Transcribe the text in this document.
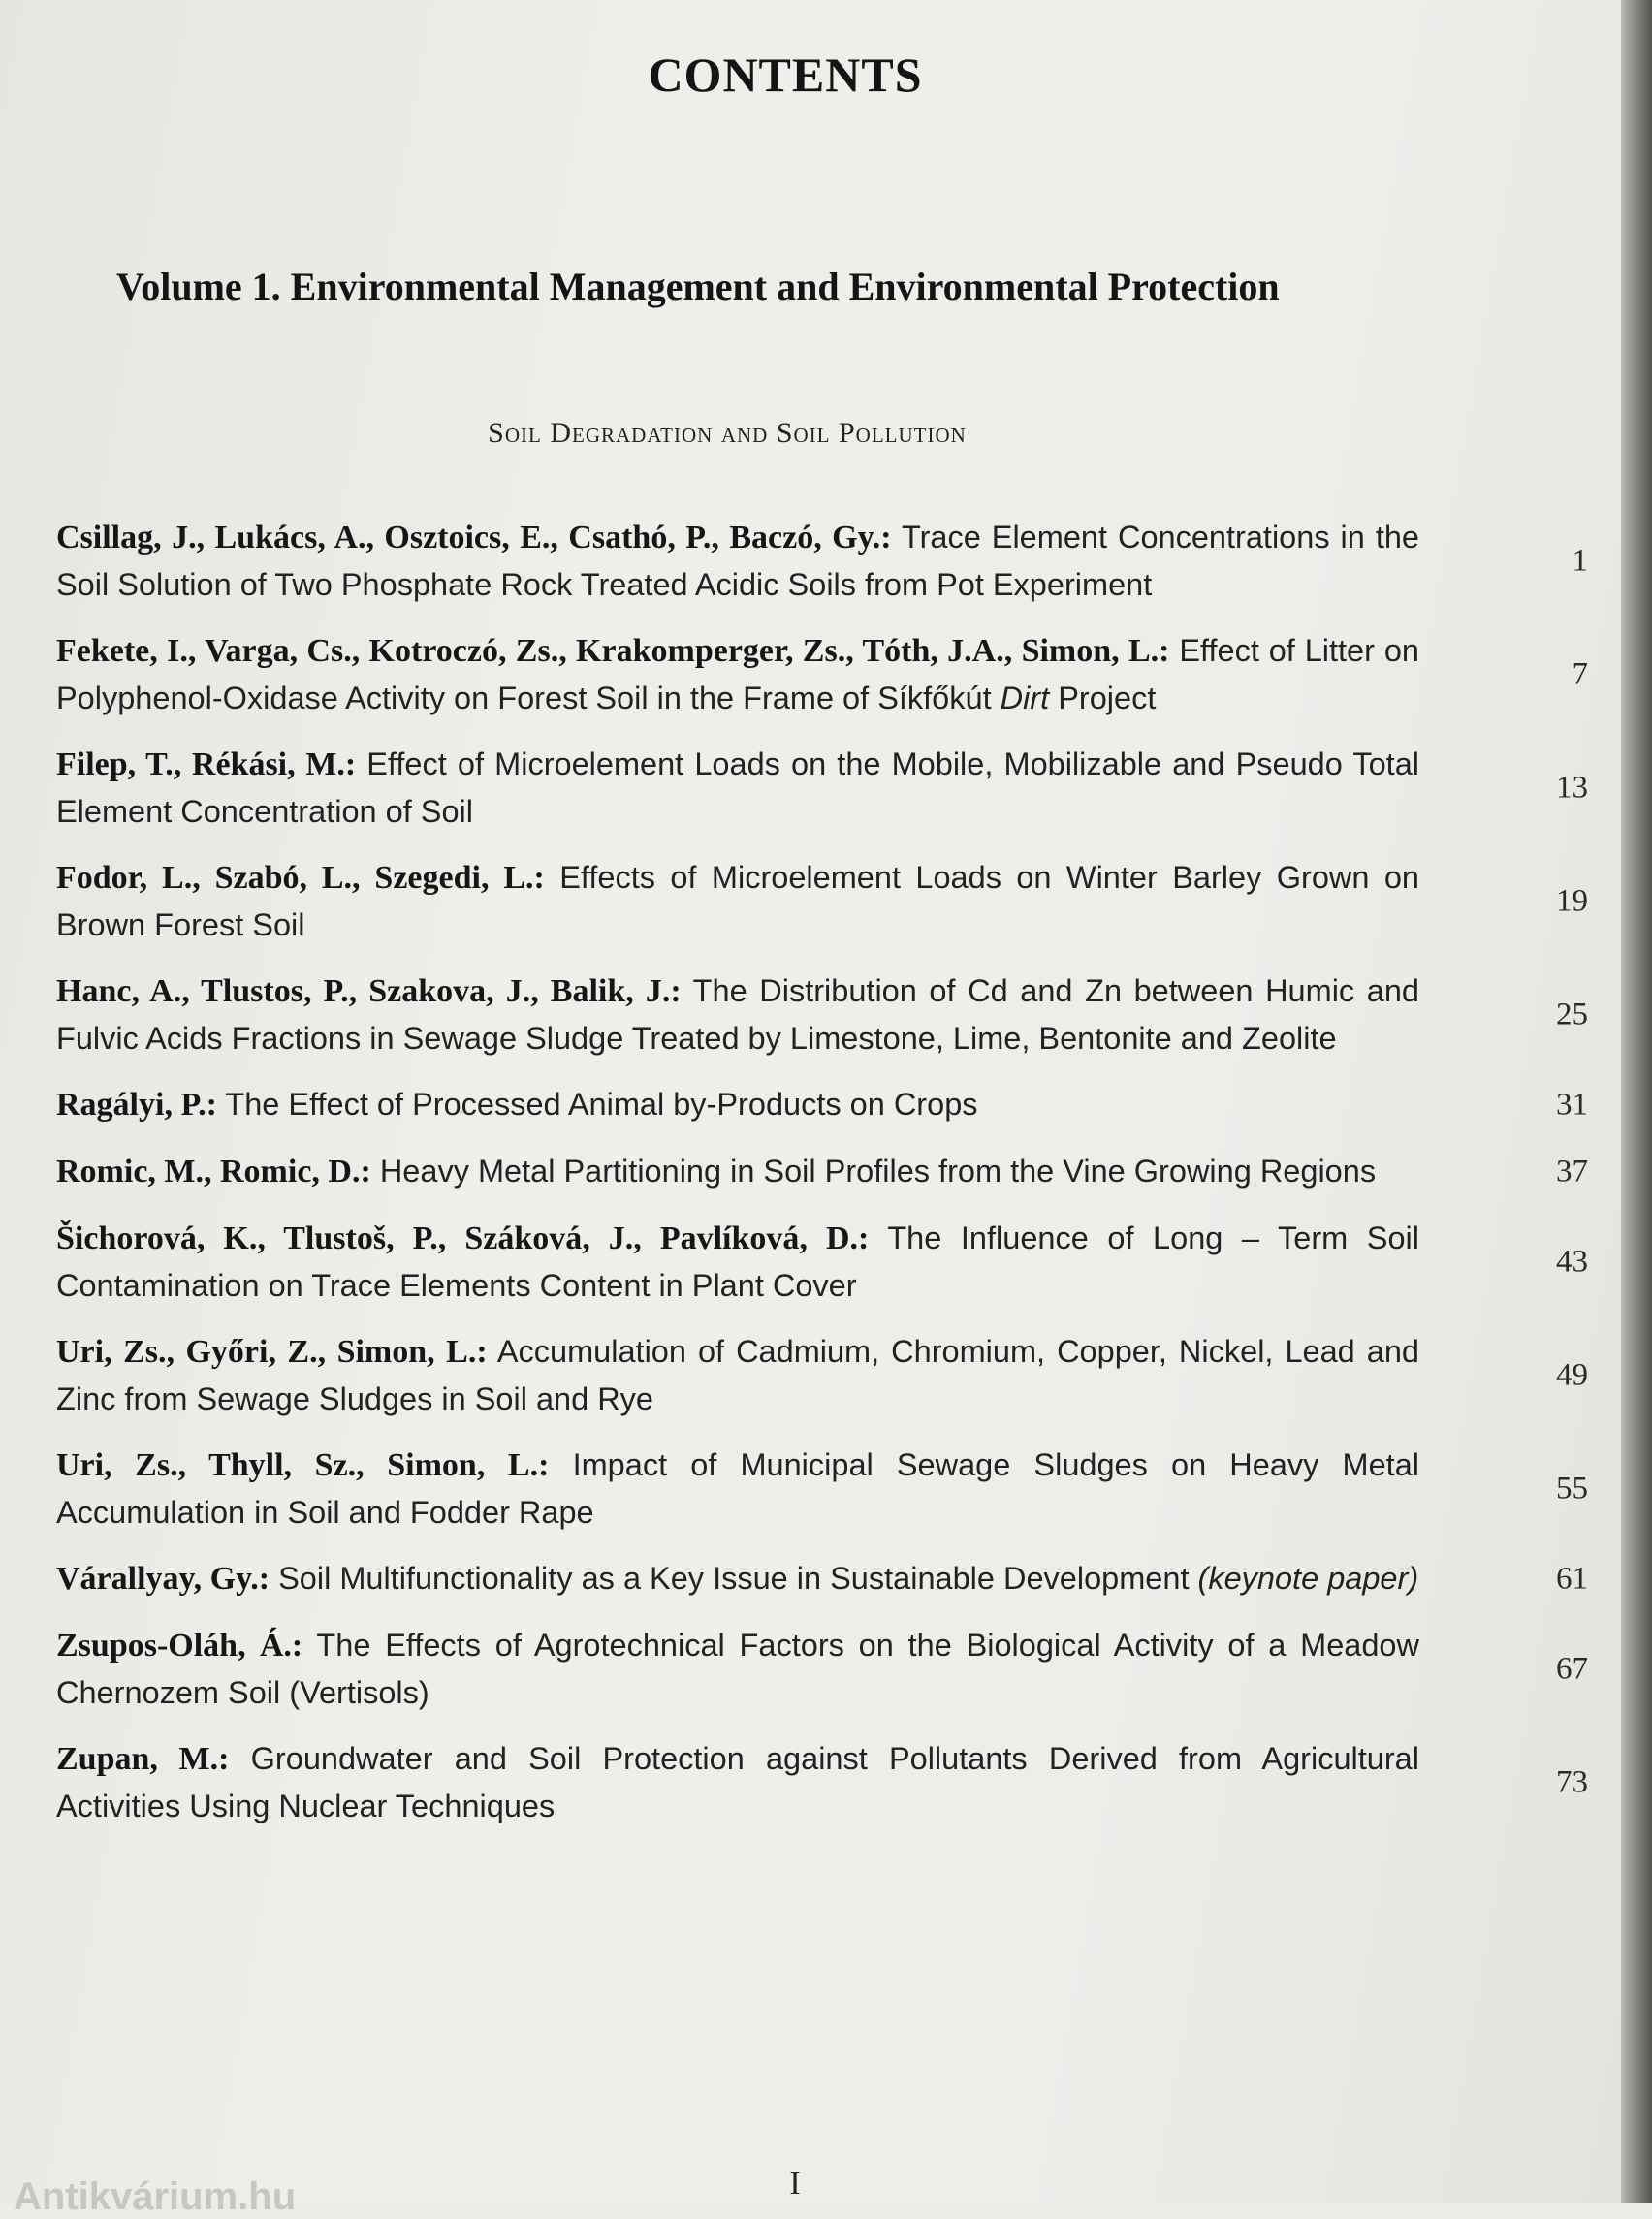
CONTENTS
Volume 1. Environmental Management and Environmental Protection
Soil Degradation and Soil Pollution
Csillag, J., Lukács, A., Osztoics, E., Csathó, P., Baczó, Gy.: Trace Element Concentrations in the Soil Solution of Two Phosphate Rock Treated Acidic Soils from Pot Experiment
1
Fekete, I., Varga, Cs., Kotroczó, Zs., Krakomperger, Zs., Tóth, J.A., Simon, L.: Effect of Litter on Polyphenol-Oxidase Activity on Forest Soil in the Frame of Síkfőkút Dirt Project
7
Filep, T., Rékási, M.: Effect of Microelement Loads on the Mobile, Mobilizable and Pseudo Total Element Concentration of Soil
13
Fodor, L., Szabó, L., Szegedi, L.: Effects of Microelement Loads on Winter Barley Grown on Brown Forest Soil
19
Hanc, A., Tlustos, P., Szakova, J., Balik, J.: The Distribution of Cd and Zn between Humic and Fulvic Acids Fractions in Sewage Sludge Treated by Limestone, Lime, Bentonite and Zeolite
25
Ragályi, P.: The Effect of Processed Animal by-Products on Crops	31
Romic, M., Romic, D.: Heavy Metal Partitioning in Soil Profiles from the Vine Growing Regions	37
Šichorová, K., Tlustoš, P., Száková, J., Pavlíková, D.: The Influence of Long – Term Soil Contamination on Trace Elements Content in Plant Cover
43
Uri, Zs., Győri, Z., Simon, L.: Accumulation of Cadmium, Chromium, Copper, Nickel, Lead and Zinc from Sewage Sludges in Soil and Rye
49
Uri, Zs., Thyll, Sz., Simon, L.: Impact of Municipal Sewage Sludges on Heavy Metal Accumulation in Soil and Fodder Rape
55
Várallyay, Gy.: Soil Multifunctionality as a Key Issue in Sustainable Development (keynote paper)	61
Zsupos-Oláh, Á.: The Effects of Agrotechnical Factors on the Biological Activity of a Meadow Chernozem Soil (Vertisols)
67
Zupan, M.: Groundwater and Soil Protection against Pollutants Derived from Agricultural Activities Using Nuclear Techniques
73
I
Antikvárium.hu
